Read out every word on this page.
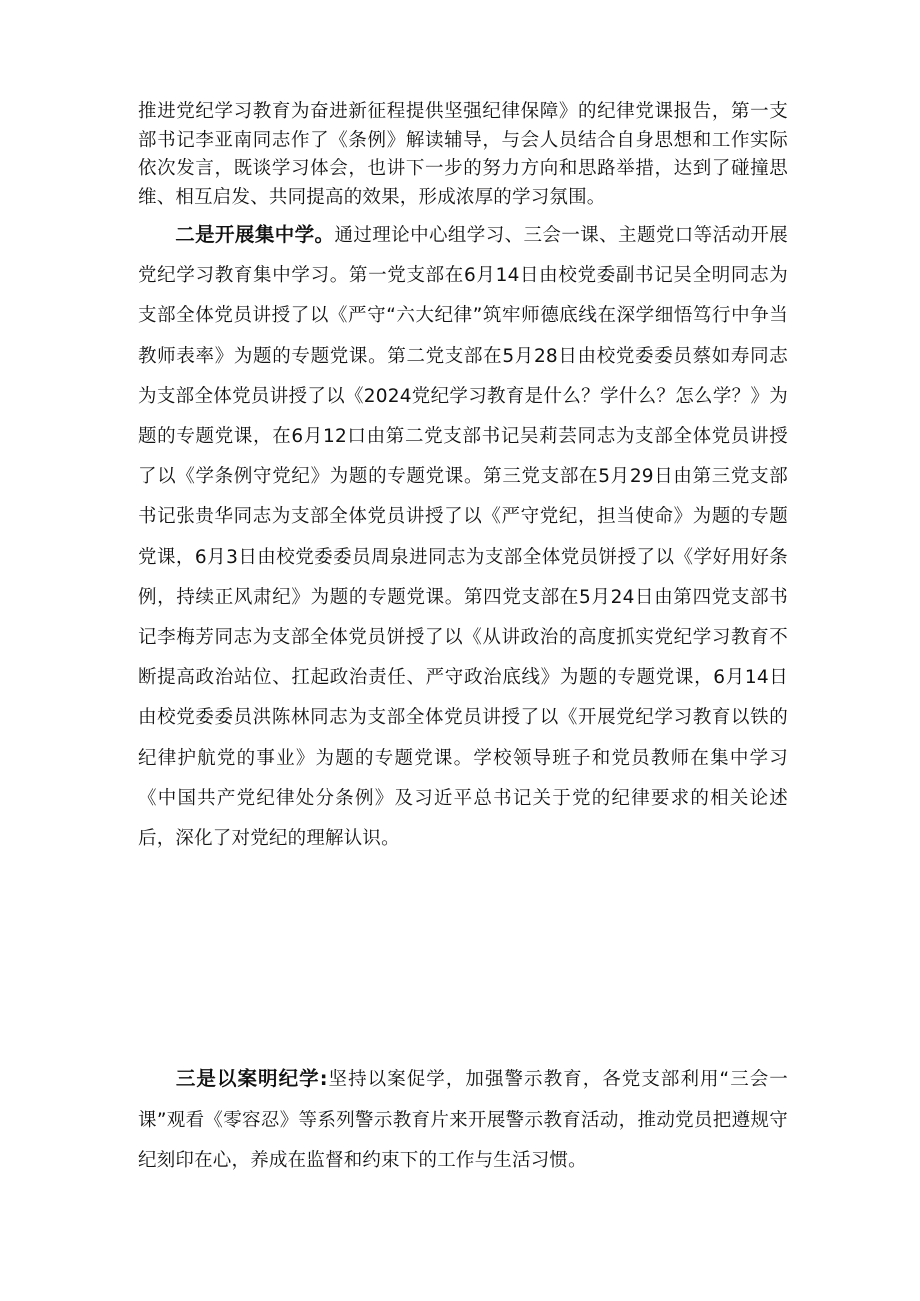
推进党纪学习教育为奋进新征程提供坚强纪律保障》的纪律党课报告，第一支部书记李亚南同志作了《条例》解读辅导，与会人员结合自身思想和工作实际依次发言，既谈学习体会，也讲下一步的努力方向和思路举措，达到了碰撞思维、相互启发、共同提高的效果，形成浓厚的学习氛围。

二是开展集中学。通过理论中心组学习、三会一课、主题党口等活动开展党纪学习教育集中学习。第一党支部在6月14日由校党委副书记吴全明同志为支部全体党员讲授了以《严守“六大纪律”筑牢师德底线在深学细悟笃行中争当教师表率》为题的专题党课。第二党支部在5月28日由校党委委员蔡如寿同志为支部全体党员讲授了以《2024党纪学习教育是什么？学什么？怎么学？》为题的专题党课，在6月12口由第二党支部书记吴莉芸同志为支部全体党员讲授了以《学条例守党纪》为题的专题党课。第三党支部在5月29日由第三党支部书记张贵华同志为支部全体党员讲授了以《严守党纪，担当使命》为题的专题党课，6月3日由校党委委员周泉进同志为支部全体党员饼授了以《学好用好条例，持续正风肃纪》为题的专题党课。第四党支部在5月24日由第四党支部书记李梅芳同志为支部全体党员饼授了以《从讲政治的高度抓实党纪学习教育不断提高政治站位、扛起政治责任、严守政治底线》为题的专题党课，6月14日由校党委委员洪陈林同志为支部全体党员讲授了以《开展党纪学习教育以铁的纪律护航党的事业》为题的专题党课。学校领导班子和党员教师在集中学习《中国共产党纪律处分条例》及习近平总书记关于党的纪律要求的相关论述后，深化了对党纪的理解认识。

三是以案明纪学:坚持以案促学，加强警示教育，各党支部利用“三会一课”观看《零容忍》等系列警示教育片来开展警示教育活动，推动党员把遵规守纪刻印在心，养成在监督和约束下的工作与生活习惯。
